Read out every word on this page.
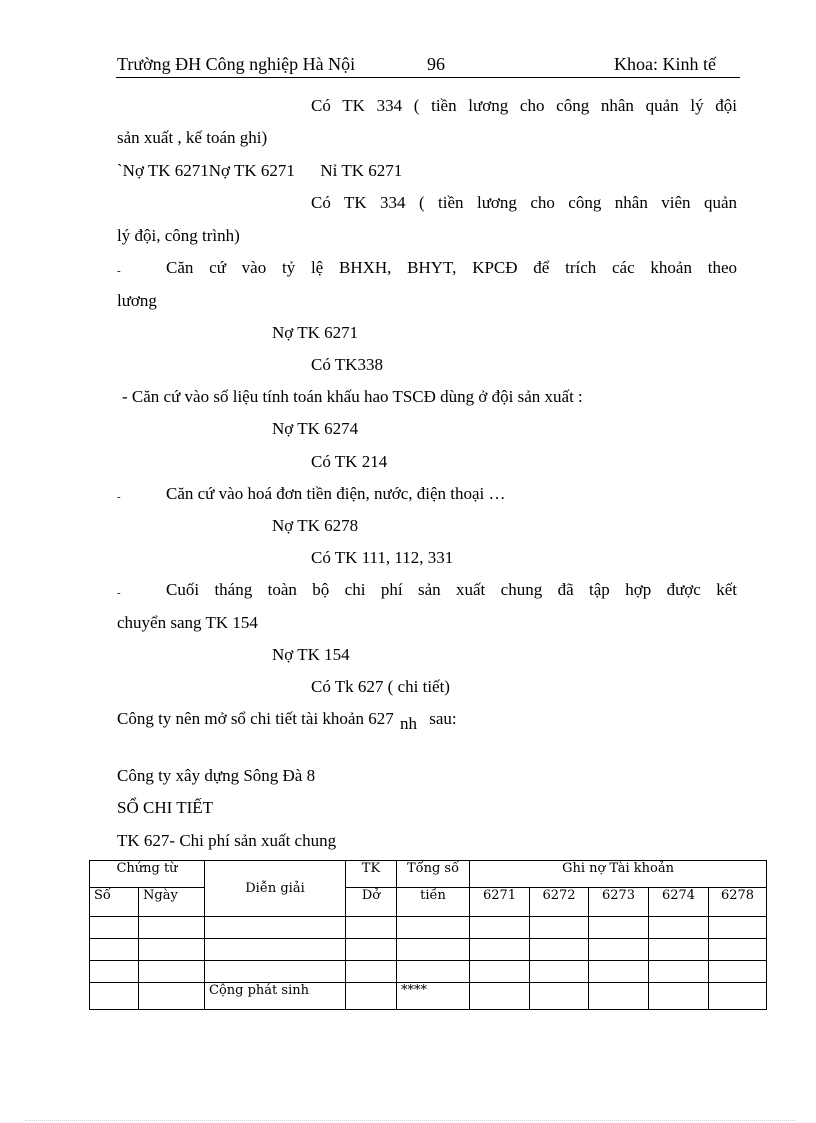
Trường ĐH Công nghiệp Hà Nội	96	Khoa: Kinh tế
Có TK 334 ( tiền lương cho công nhân quản lý đội
sản xuất , kế toán ghi)
`Nợ TK 6271Nợ TK 6271      Nỉ TK 6271
Có TK 334 ( tiền lương cho công nhân viên quản
lý đội, công trình)
-	Căn cứ vào tỷ lệ BHXH, BHYT, KPCĐ để trích các khoản theo
lương
Nợ TK 6271
Có TK338
- Căn cứ vào số liệu tính toán khấu hao TSCĐ dùng ở đội sản xuất :
Nợ TK 6274
Có TK 214
-	Căn cứ vào hoá đơn tiền điện, nước, điện thoại …
Nợ TK 6278
Có TK 111, 112, 331
-	Cuối tháng toàn bộ chi phí sản xuất chung đã tập hợp được kết
chuyển sang TK 154
Nợ TK 154
Có Tk 627 ( chi tiết)
Công ty nên mở sổ chi tiết tài khoản 627 nh sau:
Công ty xây dựng Sông Đà 8
SỔ CHI TIẾT
TK 627- Chi phí sản xuất chung
Chứng từ		Diễn giải	TK	Tổng số	Ghi nợ Tài khoản				
Số	Ngày		Dở	tiền	6271	6272	6273	6274	6278

		Cộng phát sinh		****					
